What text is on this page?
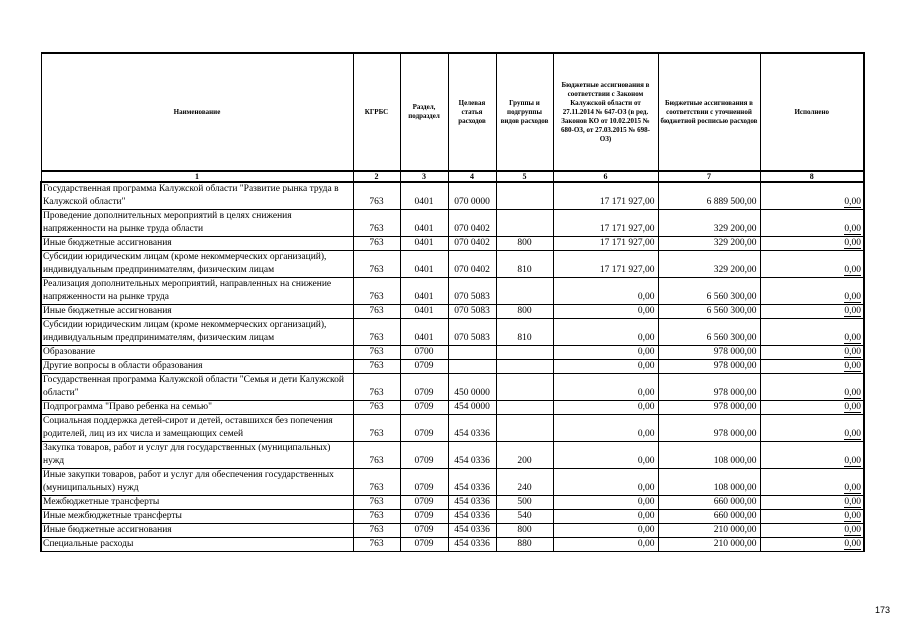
Наименование	КГРБС	Раздел, подраздел	Целевая статья расходов	Группы и подгруппы видов расходов	Бюджетные ассигнования в соответствии с Законом Калужской области от 27.11.2014 № 647-ОЗ (в ред. Законов КО от 10.02.2015 № 680-ОЗ, от 27.03.2015 № 698-ОЗ)	Бюджетные ассигнования в соответствии с уточненной бюджетной росписью расходов	Исполнено
1	2	3	4	5	6	7	8
Государственная программа Калужской области "Развитие рынка труда в Калужской области"	763	0401	070 0000		17 171 927,00	6 889 500,00	0,00
Проведение дополнительных мероприятий в целях снижения напряженности на рынке труда области	763	0401	070 0402		17 171 927,00	329 200,00	0,00
Иные бюджетные ассигнования	763	0401	070 0402	800	17 171 927,00	329 200,00	0,00
Субсидии юридическим лицам (кроме некоммерческих организаций), индивидуальным предпринимателям, физическим лицам	763	0401	070 0402	810	17 171 927,00	329 200,00	0,00
Реализация дополнительных мероприятий, направленных на снижение напряженности на рынке труда	763	0401	070 5083		0,00	6 560 300,00	0,00
Иные бюджетные ассигнования	763	0401	070 5083	800	0,00	6 560 300,00	0,00
Субсидии юридическим лицам (кроме некоммерческих организаций), индивидуальным предпринимателям, физическим лицам	763	0401	070 5083	810	0,00	6 560 300,00	0,00
Образование	763	0700			0,00	978 000,00	0,00
Другие вопросы в области образования	763	0709			0,00	978 000,00	0,00
Государственная программа Калужской области "Семья и дети Калужской области"	763	0709	450 0000		0,00	978 000,00	0,00
Подпрограмма "Право ребенка на семью"	763	0709	454 0000		0,00	978 000,00	0,00
Социальная поддержка детей-сирот и детей, оставшихся без попечения родителей, лиц из их числа и замещающих семей	763	0709	454 0336		0,00	978 000,00	0,00
Закупка товаров, работ и услуг для государственных (муниципальных) нужд	763	0709	454 0336	200	0,00	108 000,00	0,00
Иные закупки товаров, работ и услуг для обеспечения государственных (муниципальных) нужд	763	0709	454 0336	240	0,00	108 000,00	0,00
Межбюджетные трансферты	763	0709	454 0336	500	0,00	660 000,00	0,00
Иные межбюджетные трансферты	763	0709	454 0336	540	0,00	660 000,00	0,00
Иные бюджетные ассигнования	763	0709	454 0336	800	0,00	210 000,00	0,00
Специальные расходы	763	0709	454 0336	880	0,00	210 000,00	0,00
173
